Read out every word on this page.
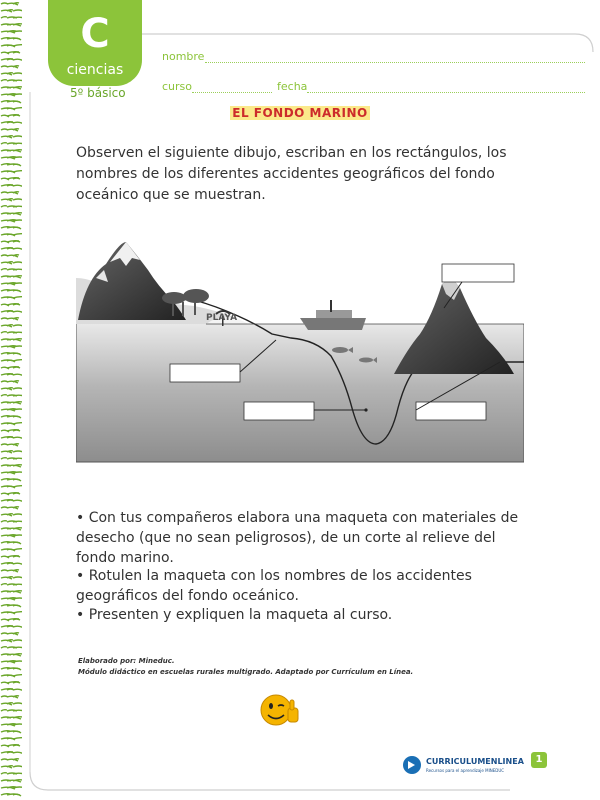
C
ciencias
5º básico
nombre
curso	fecha
EL FONDO MARINO
Observen el siguiente dibujo, escriban en los rectángulos, los nombres de los diferentes accidentes geográficos del fondo oceánico que se muestran.
PLAYA
• Con tus compañeros elabora una maqueta con materiales de desecho (que no sean peligrosos), de un corte al relieve del fondo marino.
• Rotulen la maqueta con los nombres de los accidentes geográficos del fondo oceánico.
• Presenten y expliquen la maqueta al curso.
Elaborado por: Mineduc.
Módulo didáctico en escuelas rurales multigrado. Adaptado por Currículum en Línea.
CURRICULUMENLINEA
Recursos para el aprendizaje MINEDUC
1
